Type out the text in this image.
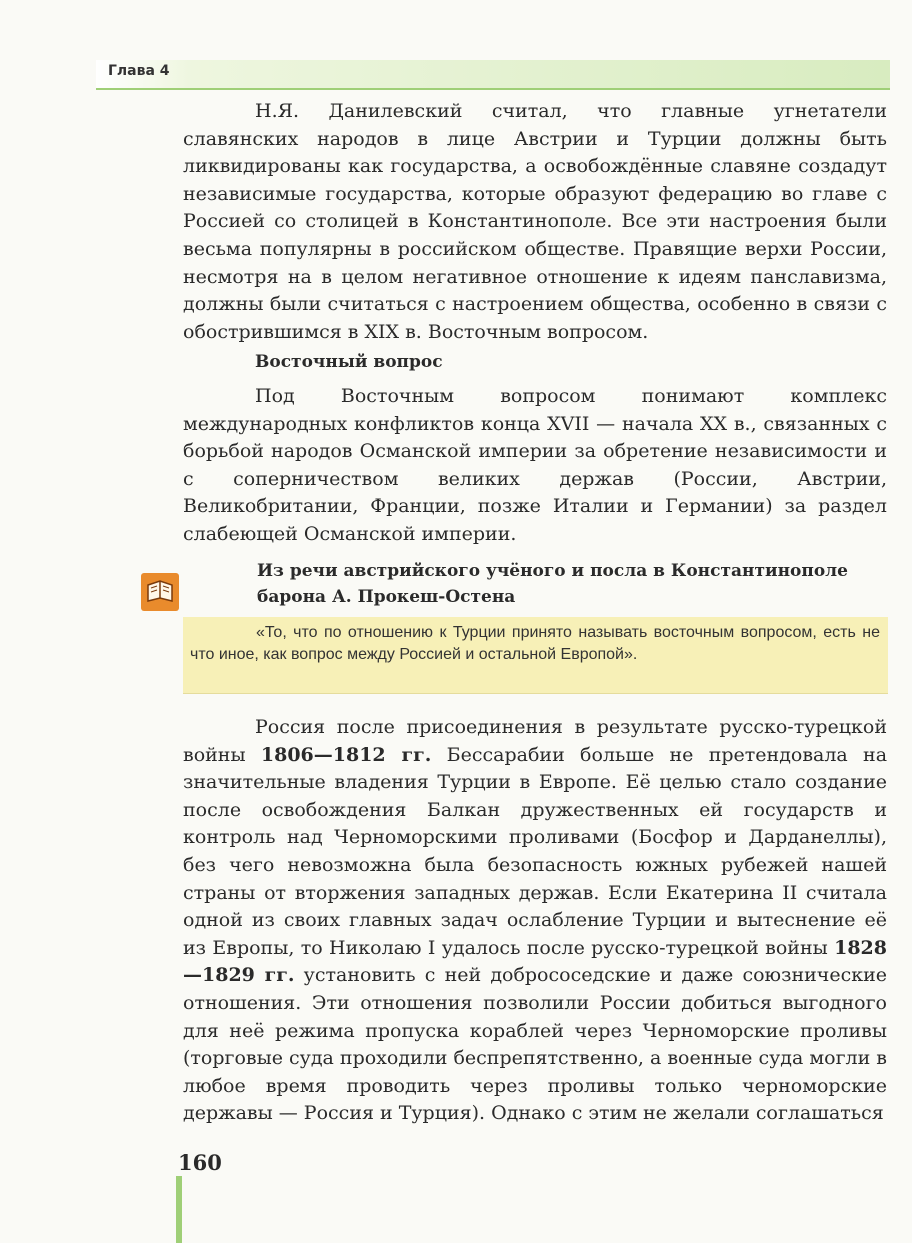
Глава 4

Н.Я. Данилевский считал, что главные угнетатели славянских народов в лице Австрии и Турции должны быть ликвидированы как государства, а освобождённые славяне создадут независимые государства, которые образуют федерацию во главе с Россией со столицей в Константинополе. Все эти настроения были весьма популярны в российском обществе. Правящие верхи России, несмотря на в целом негативное отношение к идеям панславизма, должны были считаться с настроением общества, особенно в связи с обострившимся в XIX в. Восточным вопросом.

Восточный вопрос

Под Восточным вопросом понимают комплекс международных конфликтов конца XVII — начала XX в., связанных с борьбой народов Османской империи за обретение независимости и с соперничеством великих держав (России, Австрии, Великобритании, Франции, позже Италии и Германии) за раздел слабеющей Османской империи.

Из речи австрийского учёного и посла в Константинополе барона А. Прокеш-Остена

«То, что по отношению к Турции принято называть восточным вопросом, есть не что иное, как вопрос между Россией и остальной Европой».

Россия после присоединения в результате русско-турецкой войны 1806—1812 гг. Бессарабии больше не претендовала на значительные владения Турции в Европе. Её целью стало создание после освобождения Балкан дружественных ей государств и контроль над Черноморскими проливами (Босфор и Дарданеллы), без чего невозможна была безопасность южных рубежей нашей страны от вторжения западных держав. Если Екатерина II считала одной из своих главных задач ослабление Турции и вытеснение её из Европы, то Николаю I удалось после русско-турецкой войны 1828—1829 гг. установить с ней добрососедские и даже союзнические отношения. Эти отношения позволили России добиться выгодного для неё режима пропуска кораблей через Черноморские проливы (торговые суда проходили беспрепятственно, а военные суда могли в любое время проводить через проливы только черноморские державы — Россия и Турция). Однако с этим не желали соглашаться

160
